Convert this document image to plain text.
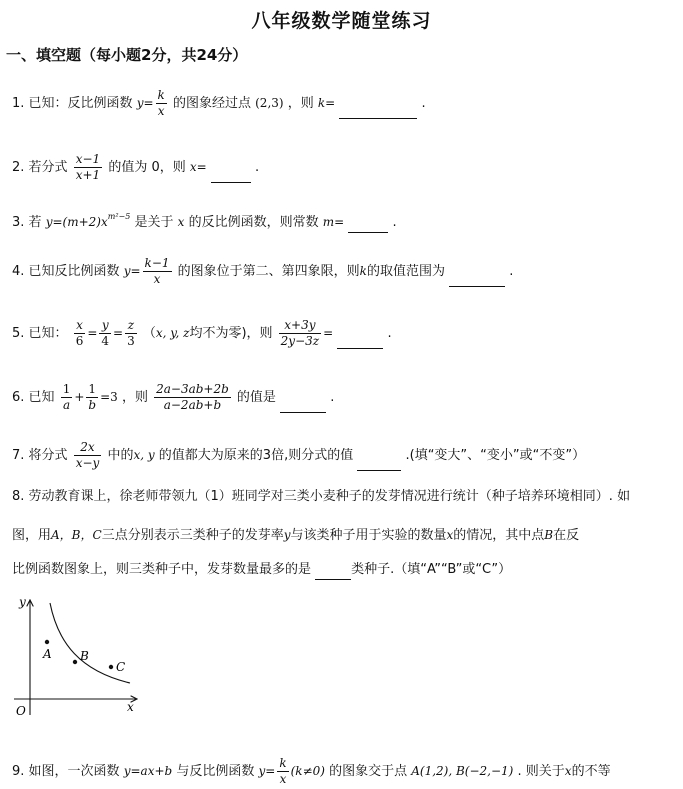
八年级数学随堂练习
一、填空题（每小题2分，共24分）
1. 已知：反比例函数 $y= \frac{k}{x}$ 的图象经过点 (2,3) ，则 k=	.
2. 若分式 $\frac{x-1}{x+1}$ 的值为 0，则 x=	.
3. 若 $y=(m+2)x^{m^2-5}$ 是关于 x 的反比例函数，则常数 m=	.
4. 已知反比例函数 $y= \frac{k-1}{x}$ 的图象位于第二、第四象限，则k的取值范围为	.
5. 已知： $\frac{x}{6} = \frac{y}{4} = \frac{z}{3} (x$, y, z均不为零)，则 $\frac{x+3y}{2y-3z}$ =	.
6. 已知 $\frac{1}{a} + \frac{1}{b} =3$ ，则 $\frac{2a-3ab+2b}{a-2ab+b}$ 的值是	.
7. 将分式 $\frac{2x}{x-y}$ 中的x, y 的值都大为原来的3倍,则分式的值	.(填“变大”、“变小”或“不变”）
8. 劳动教育课上，徐老师带领九（1）班同学对三类小麦种子的发芽情况进行统计（种子培养环境相同）. 如
图，用A，B，C三点分别表示三类种子的发芽率y与该类种子用于实验的数量x的情况，其中点B在反
比例函数图象上，则三类种子中，发芽数量最多的是	类种子.（填“A”“B”或“C”）
y
x
O
A B
C
9. 如图，一次函数 y=ax+b 与反比例函数 $y= \frac{k}{x} (k\ne 0)$ 的图象交于点 A(1,2), B(−2,−1) . 则关于x的不等
